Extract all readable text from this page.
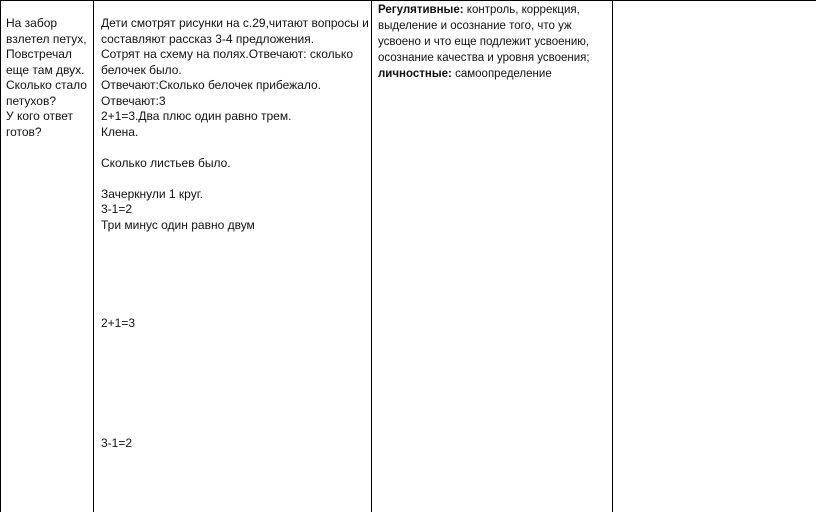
На забор
взлетел петух,
Повстречал
еще там двух.
Сколько стало
петухов?
У кого ответ
готов?
Дети смотрят рисунки на с.29,читают вопросы и
составляют рассказ 3-4 предложения.
Сотрят на схему на полях.Отвечают: сколько
белочек было.
Отвечают:Сколько белочек прибежало.
Отвечают:3
2+1=3.Два плюс один равно трем.
Клена.
Сколько листьев было.
Зачеркнули 1 круг.
3-1=2
Три минус один равно двум
2+1=3
3-1=2
Регулятивные: контроль, коррекция,
выделение и осознание того, что уж
усвоено и что еще подлежит усвоению,
осознание качества и уровня усвоения;
личностные: самоопределение
